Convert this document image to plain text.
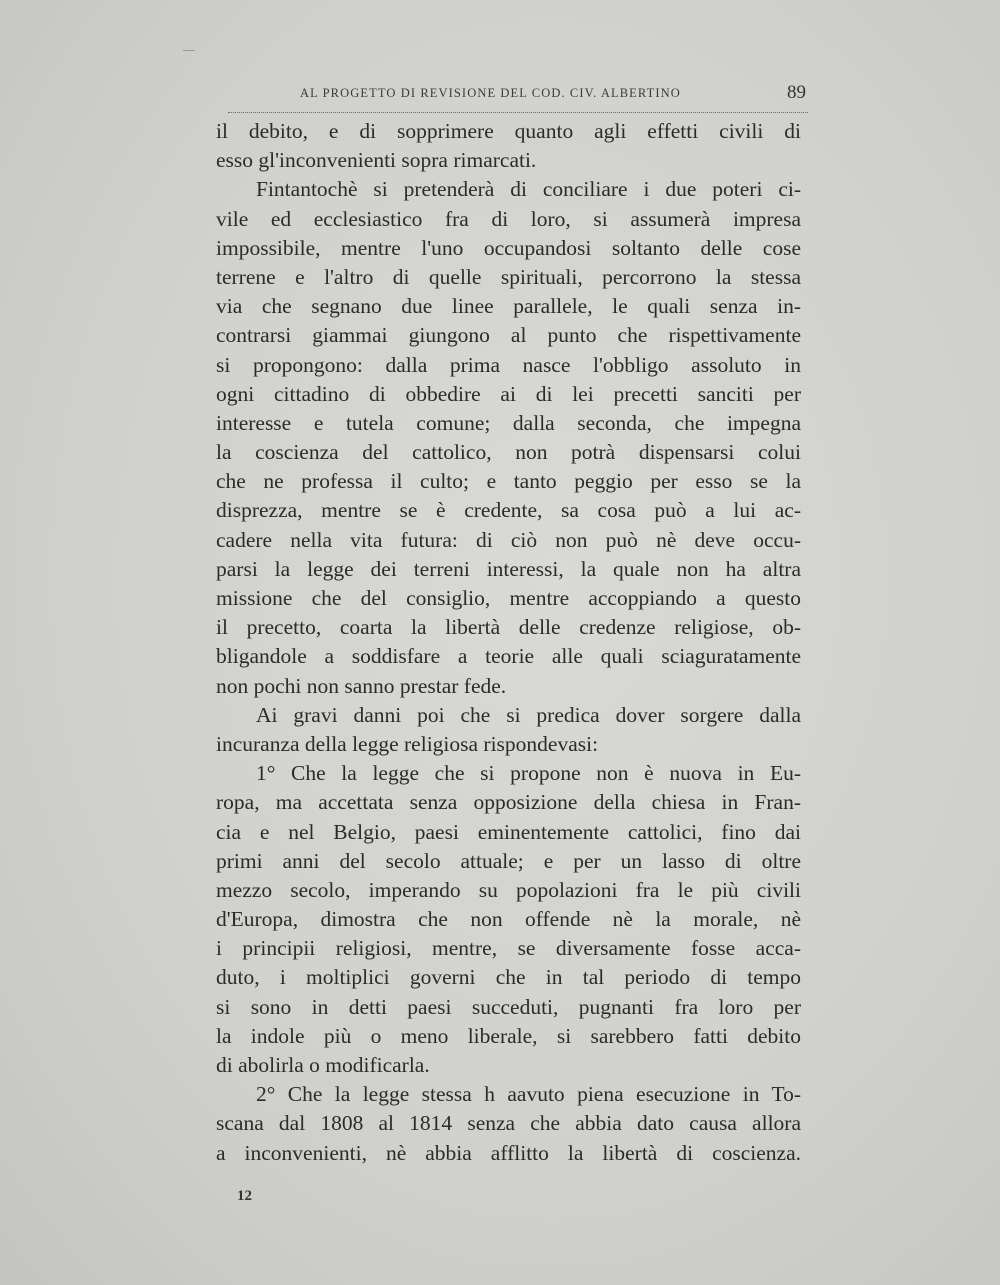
AL PROGETTO DI REVISIONE DEL COD. CIV. ALBERTINO	89
il debito, e di sopprimere quanto agli effetti civili di
esso gl'inconvenienti sopra rimarcati.
Fintantochè si pretenderà di conciliare i due poteri ci-
vile ed ecclesiastico fra di loro, si assumerà impresa
impossibile, mentre l'uno occupandosi soltanto delle cose
terrene e l'altro di quelle spirituali, percorrono la stessa
via che segnano due linee parallele, le quali senza in-
contrarsi giammai giungono al punto che rispettivamente
si propongono: dalla prima nasce l'obbligo assoluto in
ogni cittadino di obbedire ai di lei precetti sanciti per
interesse e tutela comune; dalla seconda, che impegna
la coscienza del cattolico, non potrà dispensarsi colui
che ne professa il culto; e tanto peggio per esso se la
disprezza, mentre se è credente, sa cosa può a lui ac-
cadere nella vita futura: di ciò non può nè deve occu-
parsi la legge dei terreni interessi, la quale non ha altra
missione che del consiglio, mentre accoppiando a questo
il precetto, coarta la libertà delle credenze religiose, ob-
bligandole a soddisfare a teorie alle quali sciaguratamente
non pochi non sanno prestar fede.
Ai gravi danni poi che si predica dover sorgere dalla
incuranza della legge religiosa rispondevasi:
1° Che la legge che si propone non è nuova in Eu-
ropa, ma accettata senza opposizione della chiesa in Fran-
cia e nel Belgio, paesi eminentemente cattolici, fino dai
primi anni del secolo attuale; e per un lasso di oltre
mezzo secolo, imperando su popolazioni fra le più civili
d'Europa, dimostra che non offende nè la morale, nè
i principii religiosi, mentre, se diversamente fosse acca-
duto, i moltiplici governi che in tal periodo di tempo
si sono in detti paesi succeduti, pugnanti fra loro per
la indole più o meno liberale, si sarebbero fatti debito
di abolirla o modificarla.
2° Che la legge stessa h aavuto piena esecuzione in To-
scana dal 1808 al 1814 senza che abbia dato causa allora
a inconvenienti, nè abbia afflitto la libertà di coscienza.
12
